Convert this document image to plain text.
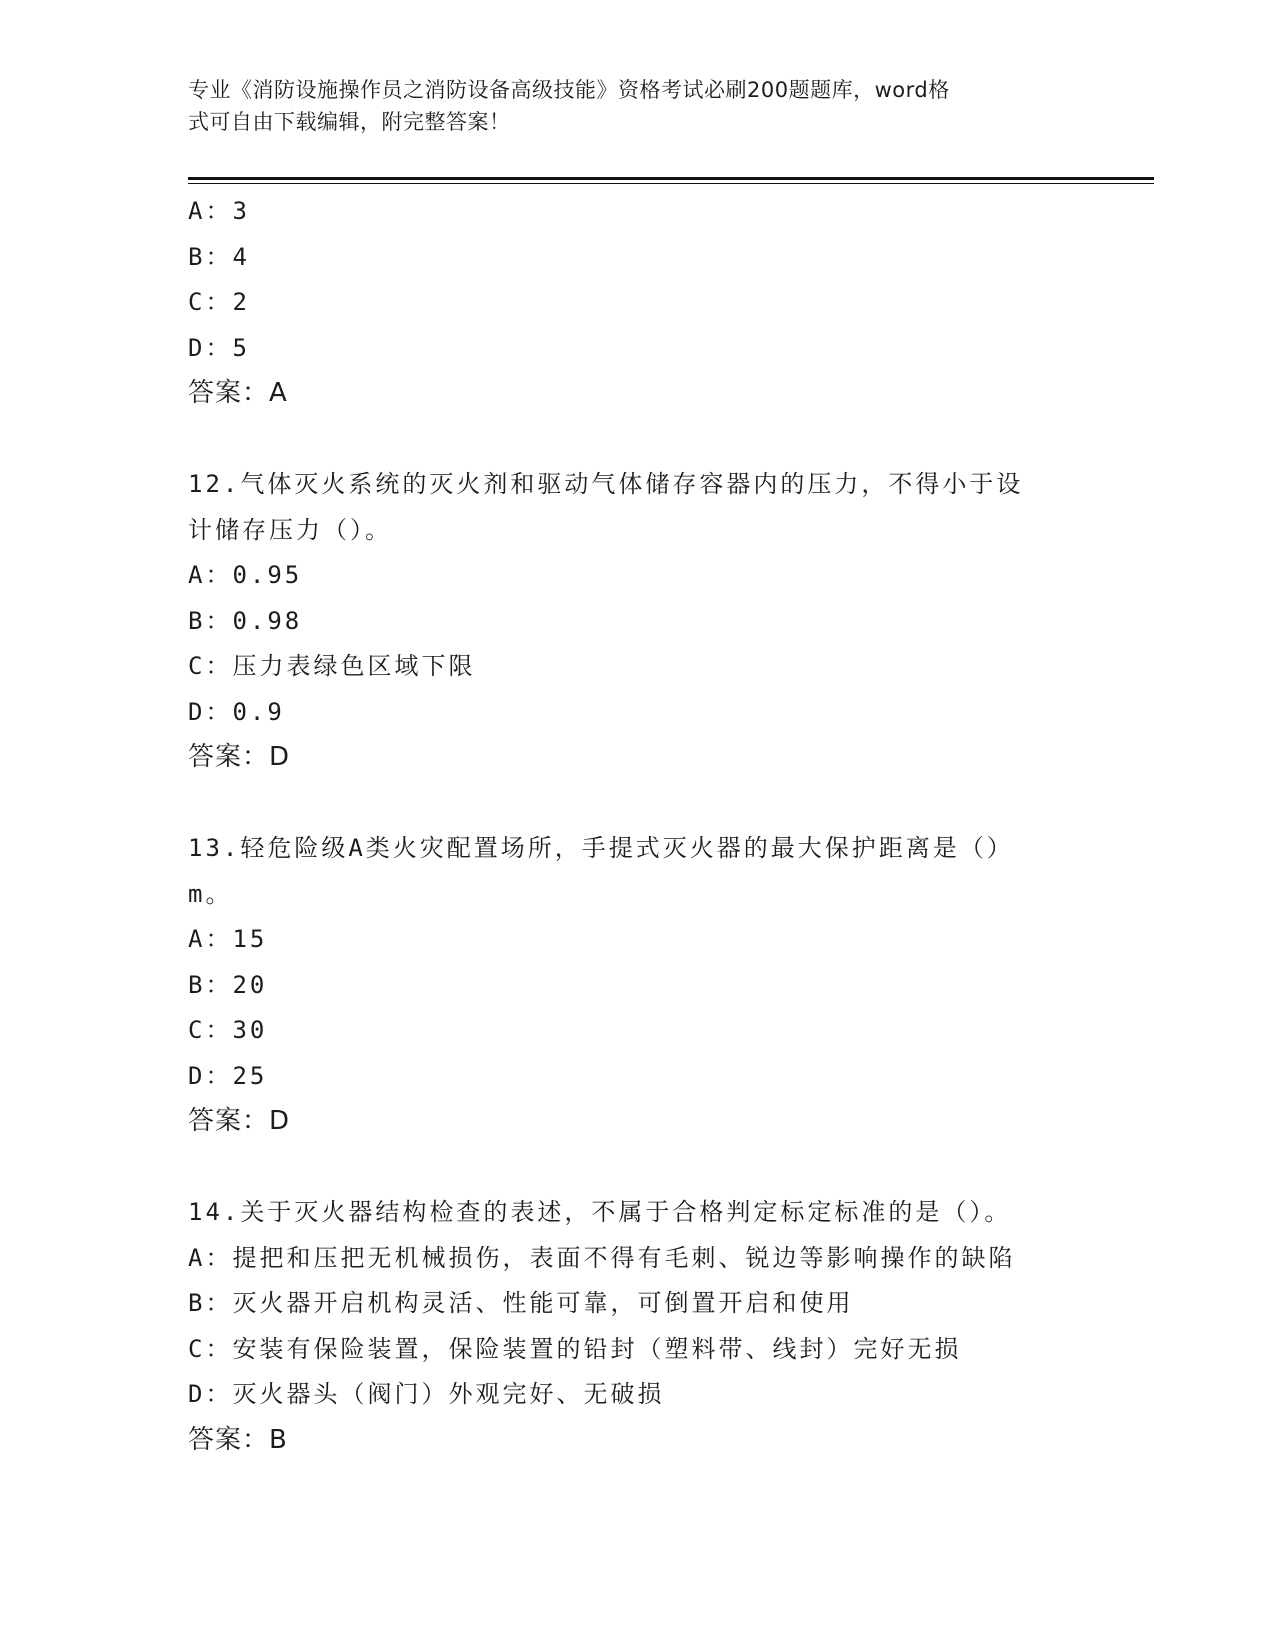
专业《消防设施操作员之消防设备高级技能》资格考试必刷200题题库，word格
式可自由下载编辑，附完整答案！
A：3
B：4
C：2
D：5
答案：A
12.气体灭火系统的灭火剂和驱动气体储存容器内的压力，不得小于设
计储存压力（）。
A：0.95
B：0.98
C：压力表绿色区域下限
D：0.9
答案：D
13.轻危险级A类火灾配置场所，手提式灭火器的最大保护距离是（）
m。
A：15
B：20
C：30
D：25
答案：D
14.关于灭火器结构检查的表述，不属于合格判定标定标准的是（）。
A：提把和压把无机械损伤，表面不得有毛刺、锐边等影响操作的缺陷
B：灭火器开启机构灵活、性能可靠，可倒置开启和使用
C：安装有保险装置，保险装置的铅封（塑料带、线封）完好无损
D：灭火器头（阀门）外观完好、无破损
答案：B
